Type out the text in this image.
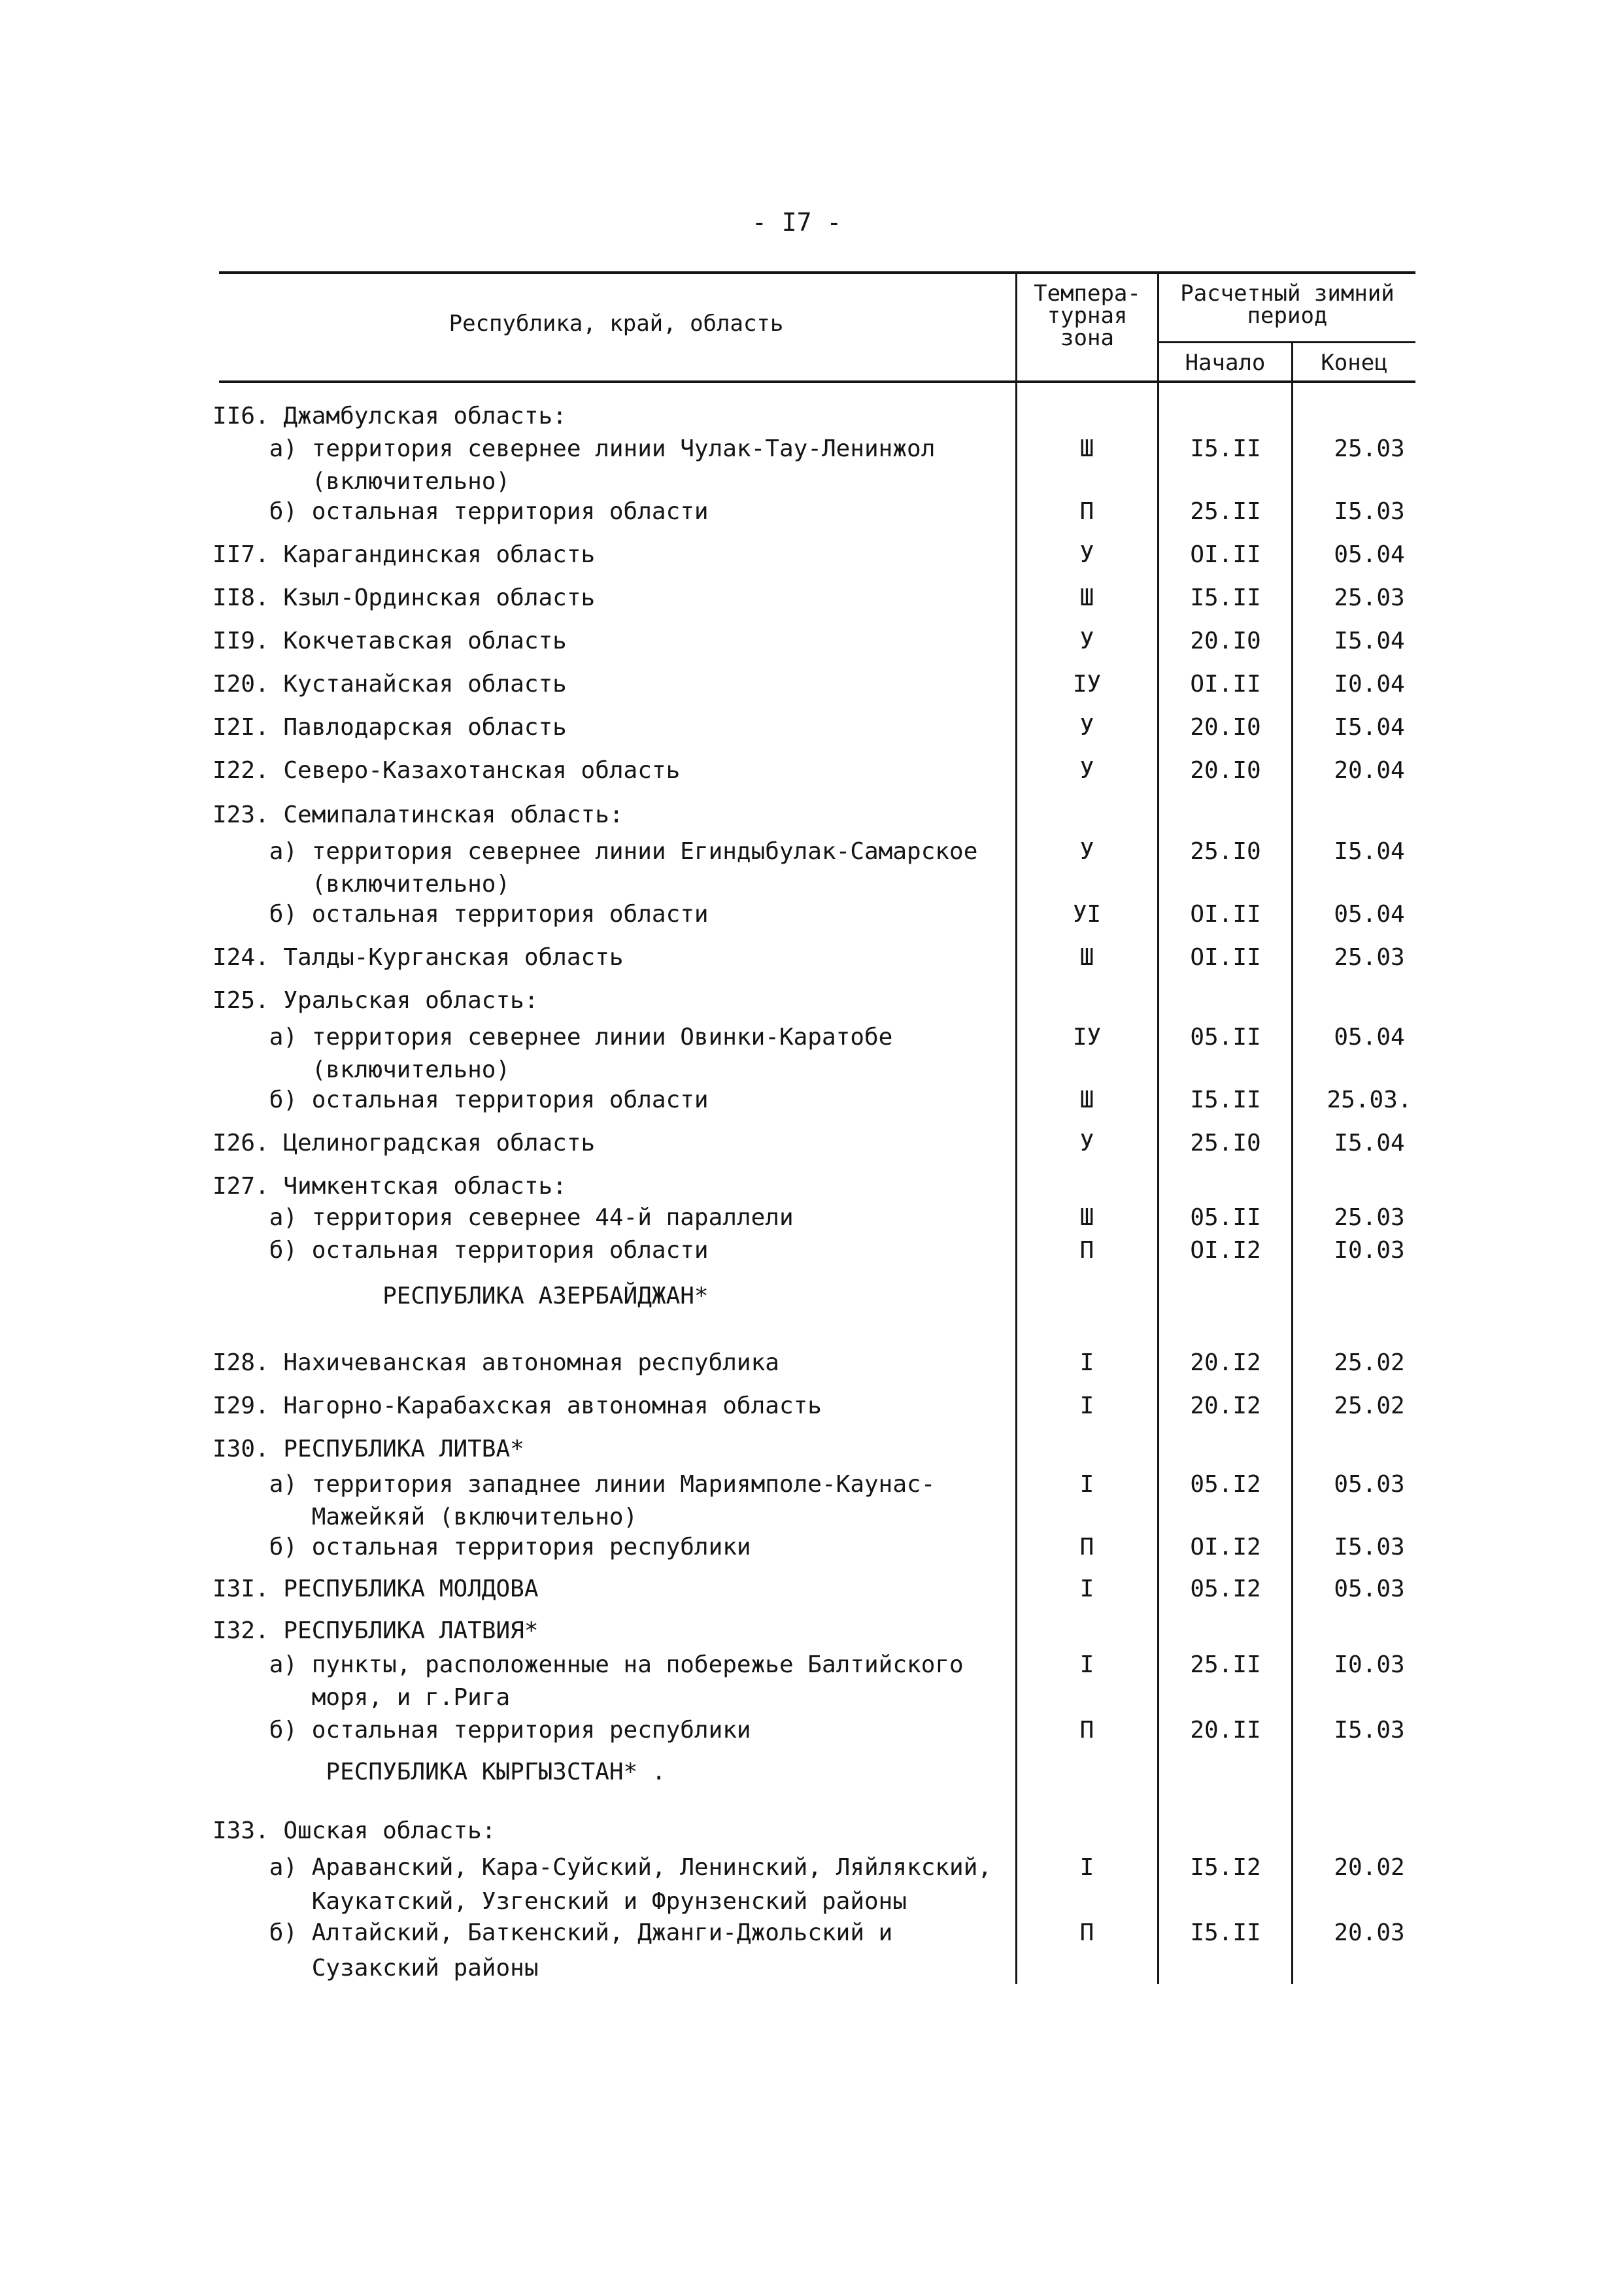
- I7 -
Республика, край, область
Темпера-
турная
зона
Расчетный зимний
период
Начало	Конец
II6. Джамбулская область:
а) территория севернее линии Чулак-Тау-Ленинжол	Ш	I5.II	25.03
(включительно)
б) остальная территория области	П	25.II	I5.03
II7. Карагандинская область	У	OI.II	05.04
II8. Кзыл-Ординская область	Ш	I5.II	25.03
II9. Кокчетавская область	У	20.I0	I5.04
I20. Кустанайская область	IУ	OI.II	I0.04
I2I. Павлодарская область	У	20.I0	I5.04
I22. Северо-Казахотанская область	У	20.I0	20.04
I23. Семипалатинская область:
а) территория севернее линии Егиндыбулак-Самарское	У	25.I0	I5.04
(включительно)
б) остальная территория области	УI	OI.II	05.04
I24. Талды-Курганская область	Ш	OI.II	25.03
I25. Уральская область:
а) территория севернее линии Овинки-Каратобе	IУ	05.II	05.04
(включительно)
б) остальная территория области	Ш	I5.II	25.03.
I26. Целиноградская область	У	25.I0	I5.04
I27. Чимкентская область:
а) территория севернее 44-й параллели	Ш	05.II	25.03
б) остальная территория области	П	OI.I2	I0.03
РЕСПУБЛИКА АЗЕРБАЙДЖАН*
I28. Нахичеванская автономная республика	I	20.I2	25.02
I29. Нагорно-Карабахская автономная область	I	20.I2	25.02
I30. РЕСПУБЛИКА ЛИТВА*
а) территория западнее линии Мариямполе-Каунас-	I	05.I2	05.03
Мажейкяй (включительно)
б) остальная территория республики	П	OI.I2	I5.03
I3I. РЕСПУБЛИКА МОЛДОВА	I	05.I2	05.03
I32. РЕСПУБЛИКА ЛАТВИЯ*
а) пункты, расположенные на побережье Балтийского	I	25.II	I0.03
моря, и г.Рига
б) остальная территория республики	П	20.II	I5.03
РЕСПУБЛИКА КЫРГЫЗСТАН* .
I33. Ошская область:
а) Араванский, Кара-Суйский, Ленинский, Ляйлякский,	I	I5.I2	20.02
Каукатский, Узгенский и Фрунзенский районы
б) Алтайский, Баткенский, Джанги-Джольский и	П	I5.II	20.03
Сузакский районы
